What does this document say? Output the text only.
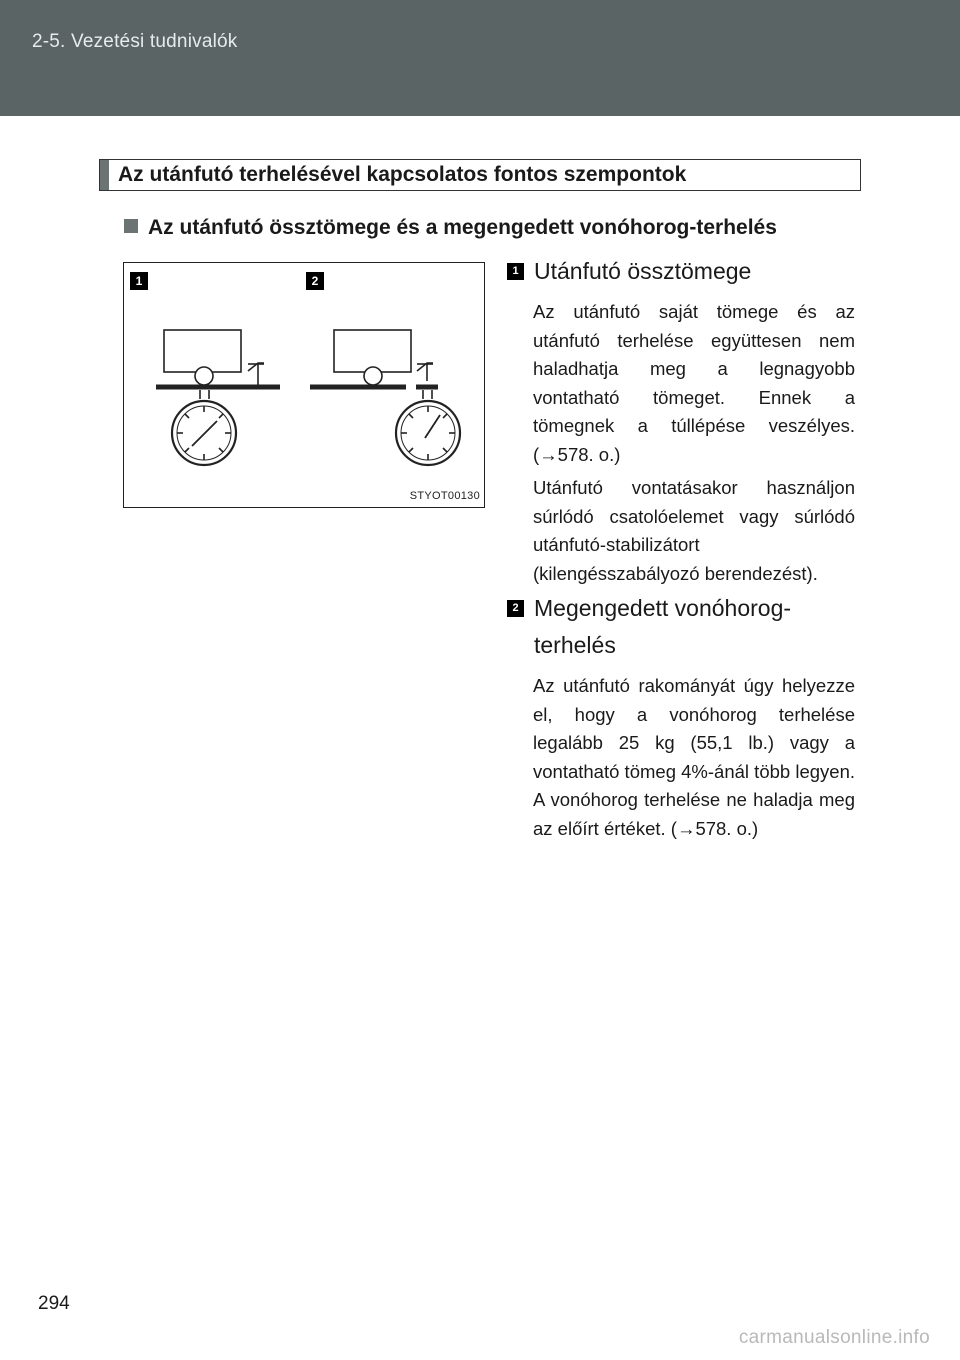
2-5. Vezetési tudnivalók
Az utánfutó terhelésével kapcsolatos fontos szempontok
Az utánfutó össztömege és a megengedett vonóhorog-terhelés
1	2
STYOT00130
1 Utánfutó össztömege
Az utánfutó saját tömege és az utánfutó terhelése együttesen nem haladhatja meg a legnagyobb vontatható tömeget. Ennek a tömegnek a túllépése veszélyes. (→578. o.)
Utánfutó vontatásakor használjon súrlódó csatolóelemet vagy súrlódó utánfutó-stabilizátort (kilengésszabályozó berendezést).
2 Megengedett vonóhorog-terhelés
Az utánfutó rakományát úgy helyezze el, hogy a vonóhorog terhelése legalább 25 kg (55,1 lb.) vagy a vontatható tömeg 4%-ánál több legyen. A vonóhorog terhelése ne haladja meg az előírt értéket. (→578. o.)
294
carmanualsonline.info
